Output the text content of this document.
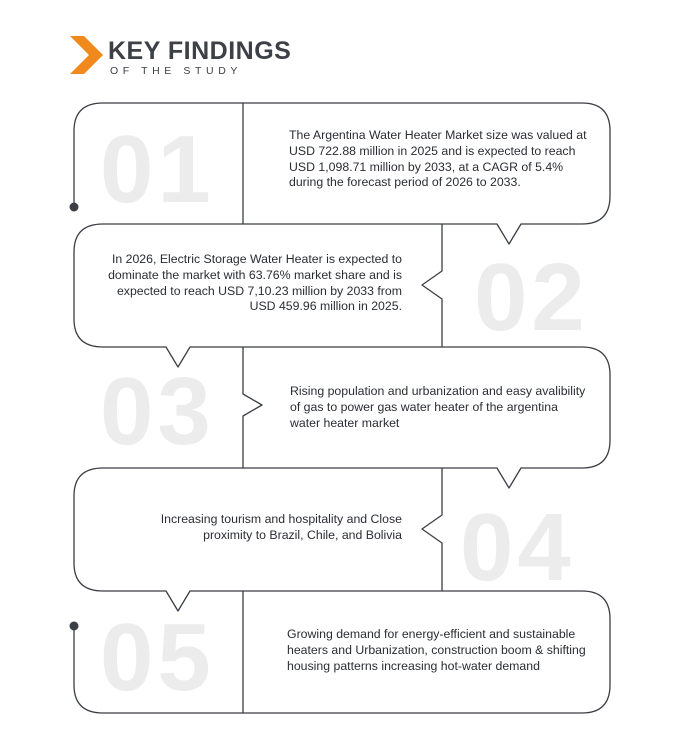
KEY FINDINGS
OF THE STUDY
01	The Argentina Water Heater Market size was valued at USD 722.88 million in 2025 and is expected to reach USD 1,098.71 million by 2033, at a CAGR of 5.4% during the forecast period of 2026 to 2033.
02
In 2026, Electric Storage Water Heater is expected to dominate the market with 63.76% market share and is expected to reach USD 7,10.23 million by 2033 from USD 459.96 million in 2025.
03	Rising population and urbanization and easy avalibility of gas to power gas water heater of the argentina water heater market
04
Increasing tourism and hospitality and Close proximity to Brazil, Chile, and Bolivia
05	Growing demand for energy-efficient and sustainable heaters and Urbanization, construction boom & shifting housing patterns increasing hot-water demand
